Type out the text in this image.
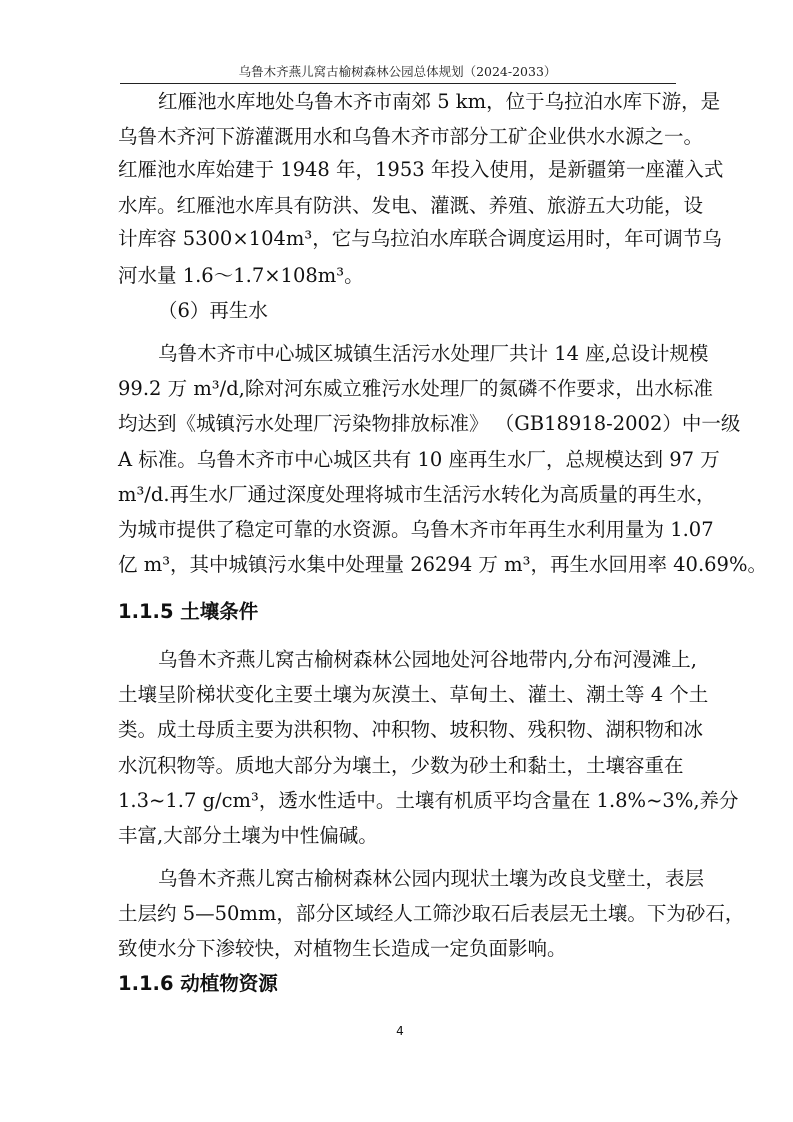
乌鲁木齐燕儿窝古榆树森林公园总体规划（2024-2033）
红雁池水库地处乌鲁木齐市南郊 5 km，位于乌拉泊水库下游，是
乌鲁木齐河下游灌溉用水和乌鲁木齐市部分工矿企业供水水源之一。
红雁池水库始建于 1948 年，1953 年投入使用，是新疆第一座灌入式
水库。红雁池水库具有防洪、发电、灌溉、养殖、旅游五大功能，设
计库容 5300×104m³，它与乌拉泊水库联合调度运用时，年可调节乌
河水量 1.6～1.7×108m³。
（6）再生水
乌鲁木齐市中心城区城镇生活污水处理厂共计 14 座,总设计规模
99.2 万 m³/d,除对河东威立雅污水处理厂的氮磷不作要求，出水标准
均达到《城镇污水处理厂污染物排放标准》 （GB18918-2002）中一级
A 标准。乌鲁木齐市中心城区共有 10 座再生水厂，总规模达到 97 万
m³/d.再生水厂通过深度处理将城市生活污水转化为高质量的再生水，
为城市提供了稳定可靠的水资源。乌鲁木齐市年再生水利用量为 1.07
亿 m³，其中城镇污水集中处理量 26294 万 m³，再生水回用率 40.69%。
1.1.5 土壤条件
乌鲁木齐燕儿窝古榆树森林公园地处河谷地带内,分布河漫滩上,
土壤呈阶梯状变化主要土壤为灰漠土、草甸土、灌土、潮土等 4 个土
类。成土母质主要为洪积物、冲积物、坡积物、残积物、湖积物和冰
水沉积物等。质地大部分为壤土，少数为砂土和黏土，土壤容重在
1.3~1.7 g/cm³，透水性适中。土壤有机质平均含量在 1.8%~3%,养分
丰富,大部分土壤为中性偏碱。
乌鲁木齐燕儿窝古榆树森林公园内现状土壤为改良戈壁土，表层
土层约 5—50mm，部分区域经人工筛沙取石后表层无土壤。下为砂石，
致使水分下渗较快，对植物生长造成一定负面影响。
1.1.6 动植物资源
4
